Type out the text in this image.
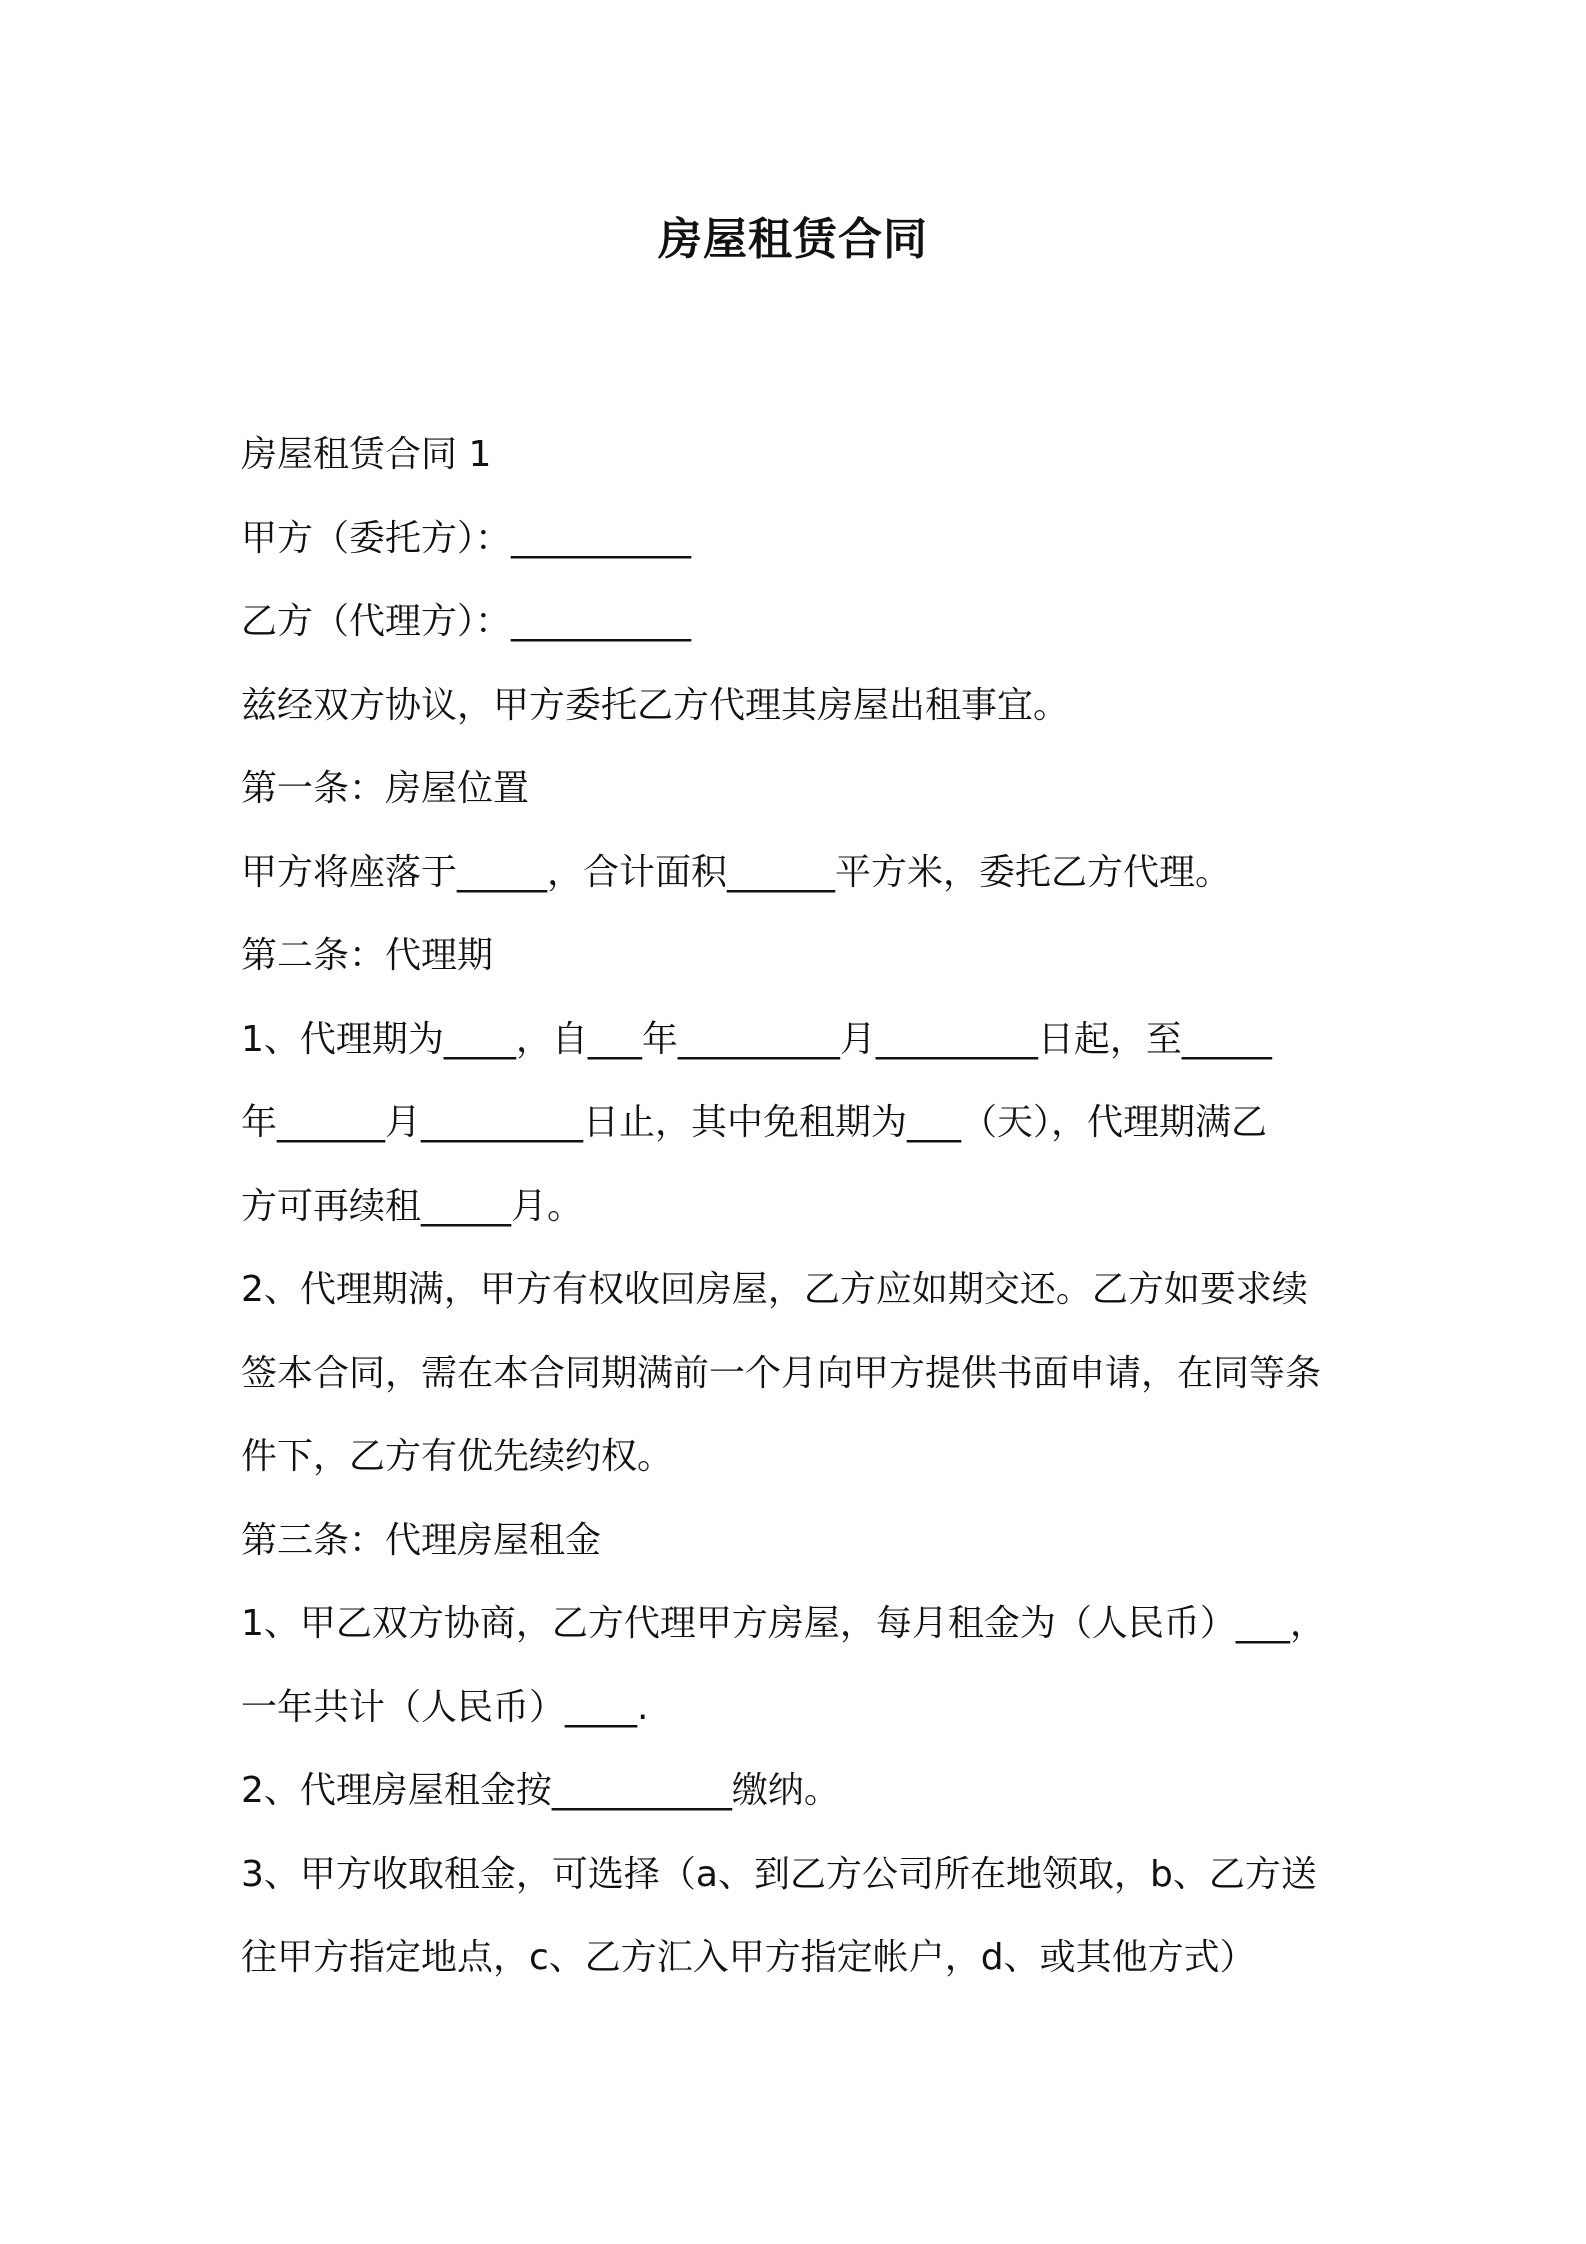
房屋租赁合同
房屋租赁合同 1
甲方（委托方）：__________
乙方（代理方）：__________
兹经双方协议，甲方委托乙方代理其房屋出租事宜。
第一条：房屋位置
甲方将座落于_____，合计面积______平方米，委托乙方代理。
第二条：代理期
1、代理期为____，自___年_________月_________日起，至_____
年______月_________日止，其中免租期为___（天），代理期满乙
方可再续租_____月。
2、代理期满，甲方有权收回房屋，乙方应如期交还。乙方如要求续
签本合同，需在本合同期满前一个月向甲方提供书面申请，在同等条
件下，乙方有优先续约权。
第三条：代理房屋租金
1、甲乙双方协商，乙方代理甲方房屋，每月租金为（人民币）___，
一年共计（人民币）____.
2、代理房屋租金按__________缴纳。
3、甲方收取租金，可选择（a、到乙方公司所在地领取，b、乙方送
往甲方指定地点，c、乙方汇入甲方指定帐户，d、或其他方式）
